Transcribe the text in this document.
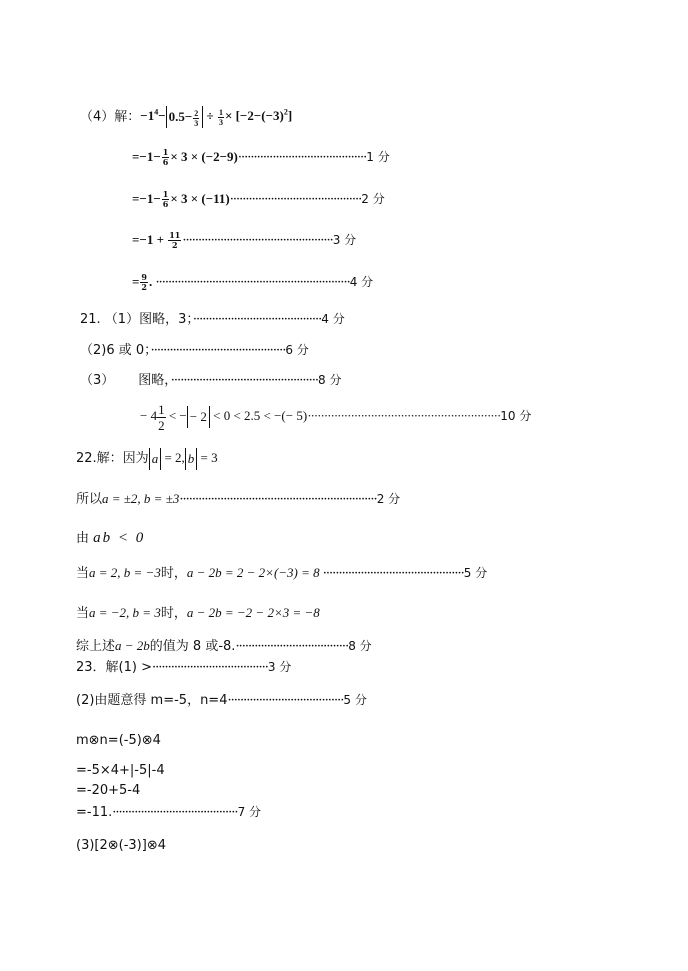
（4）解：$-1^4- 0.5- \frac{2}{3} \div \frac{1}{3} \times [-2-(-3)^2]$
$=-1- \frac{1}{6} \times 3 \times (-2-9)\cdot\cdot\cdot\cdot\cdot\cdot\cdot\cdot\cdot\cdot\cdot\cdot\cdot\cdot\cdot\cdot\cdot\cdot\cdot\cdot\cdot\cdot\cdot\cdot\cdot\cdot\cdot\cdot\cdot\cdot\cdot\cdot\cdot\cdot\cdot\cdot\cdot\cdot\cdot\cdot\cdot 1$ 分
$=-1- \frac{1}{6} \times 3 \times (-11)\cdot\cdot\cdot\cdot\cdot\cdot\cdot\cdot\cdot\cdot\cdot\cdot\cdot\cdot\cdot\cdot\cdot\cdot\cdot\cdot\cdot\cdot\cdot\cdot\cdot\cdot\cdot\cdot\cdot\cdot\cdot\cdot\cdot\cdot\cdot\cdot\cdot\cdot\cdot\cdot\cdot\cdot 2$ 分
$=-1 + \frac{11}{2} \cdot\cdot\cdot\cdot\cdot\cdot\cdot\cdot\cdot\cdot\cdot\cdot\cdot\cdot\cdot\cdot\cdot\cdot\cdot\cdot\cdot\cdot\cdot\cdot\cdot\cdot\cdot\cdot\cdot\cdot\cdot\cdot\cdot\cdot\cdot\cdot\cdot\cdot\cdot\cdot\cdot\cdot\cdot\cdot\cdot\cdot\cdot\cdot 3$ 分
= $\frac{9}{2}$ . ······························································4 分
21. （1）图略，3；·········································4 分
（2)6 或 0；···········································6 分
（3） 图略，···············································8 分
− $4 \frac{1}{2}$ < − − 2 < 0 < 2.5 < −(− 5)··························································10 分
22.解：因为 a = 2, b = 3
所以a = ±2, b = ±3·······························································2 分
由 ab < 0
当a = 2, b = −3时，a − 2b = 2 − 2×(−3) = 8 ·············································5 分
当a = −2, b = 3时，a − 2b = −2 − 2×3 = −8
综上述a − 2b的值为 8 或-8.····································8 分
23．解(1) >·····································3 分
(2)由题意得 m=-5，n=4·····································5 分
m⊗n=(-5)⊗4
=-5×4+|-5|-4
=-20+5-4
=-11.········································7 分
(3)[2⊗(-3)]⊗4
